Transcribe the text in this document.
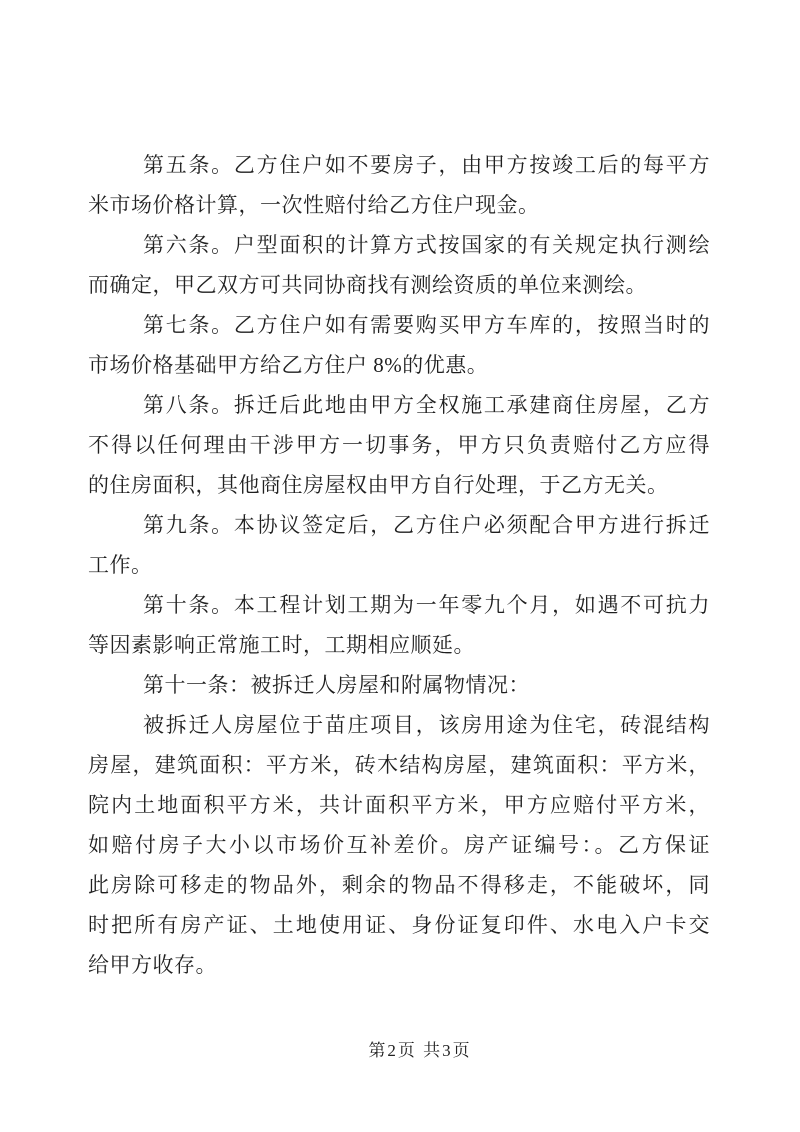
第五条。乙方住户如不要房子，由甲方按竣工后的每平方
米市场价格计算，一次性赔付给乙方住户现金。
第六条。户型面积的计算方式按国家的有关规定执行测绘
而确定，甲乙双方可共同协商找有测绘资质的单位来测绘。
第七条。乙方住户如有需要购买甲方车库的，按照当时的
市场价格基础甲方给乙方住户 8%的优惠。
第八条。拆迁后此地由甲方全权施工承建商住房屋，乙方
不得以任何理由干涉甲方一切事务，甲方只负责赔付乙方应得
的住房面积，其他商住房屋权由甲方自行处理，于乙方无关。
第九条。本协议签定后，乙方住户必须配合甲方进行拆迁
工作。
第十条。本工程计划工期为一年零九个月，如遇不可抗力
等因素影响正常施工时，工期相应顺延。
第十一条：被拆迁人房屋和附属物情况：
被拆迁人房屋位于苗庄项目，该房用途为住宅，砖混结构
房屋，建筑面积：平方米，砖木结构房屋，建筑面积：平方米，
院内土地面积平方米，共计面积平方米，甲方应赔付平方米，
如赔付房子大小以市场价互补差价。房产证编号：。乙方保证
此房除可移走的物品外，剩余的物品不得移走，不能破坏，同
时把所有房产证、土地使用证、身份证复印件、水电入户卡交
给甲方收存。
第2页 共3页
